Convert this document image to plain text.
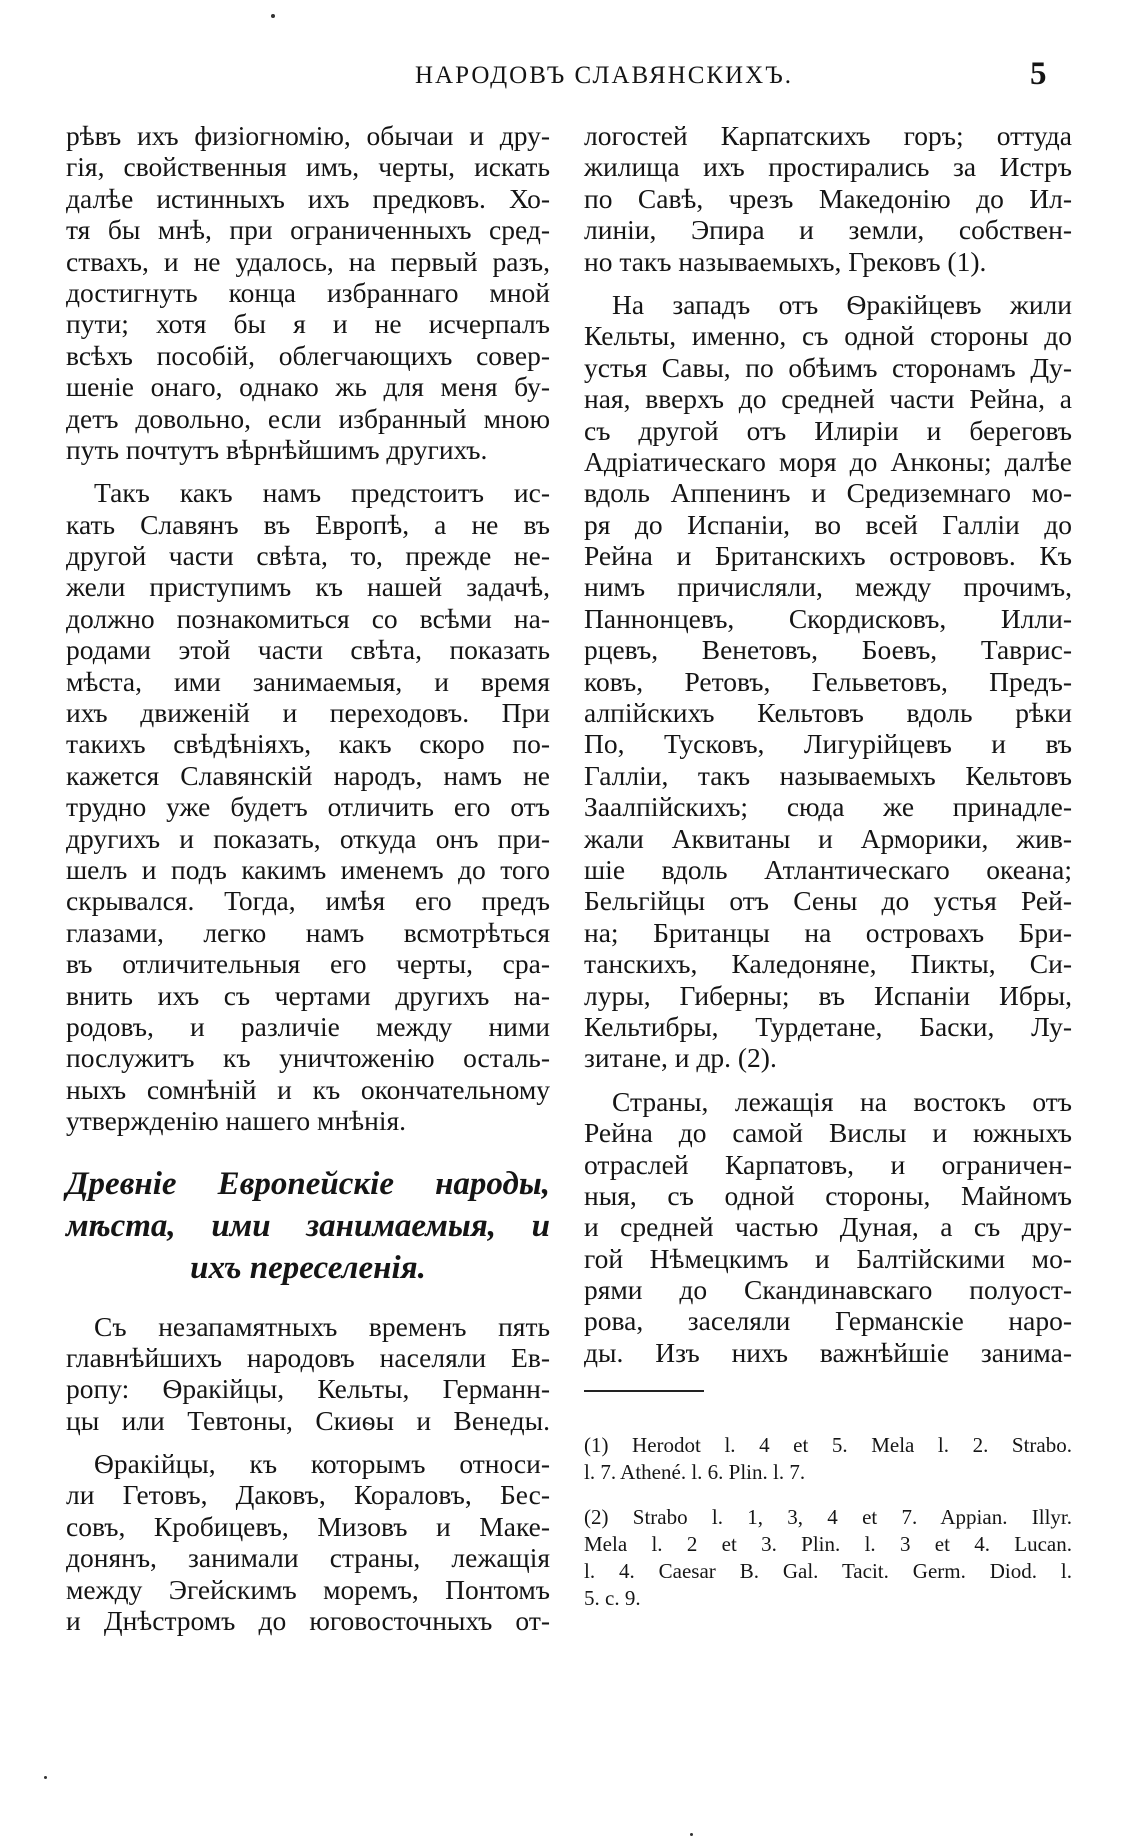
НАРОДОВЪ СЛАВЯНСКИХЪ.	5
рѣвъ ихъ физіогномію, обычаи и дру-
гія, свойственныя имъ, черты, искать
далѣе истинныхъ ихъ предковъ. Хо-
тя бы мнѣ, при ограниченныхъ сред-
ствахъ, и не удалось, на первый разъ,
достигнуть конца избраннаго мной
пути; хотя бы я и не исчерпалъ
всѣхъ пособій, облегчающихъ совер-
шеніе онаго, однако жь для меня бу-
детъ довольно, если избранный мною
путь почтутъ вѣрнѣйшимъ другихъ.
Такъ какъ намъ предстоитъ ис-
кать Славянъ въ Европѣ, а не въ
другой части свѣта, то, прежде не-
жели приступимъ къ нашей задачѣ,
должно познакомиться со всѣми на-
родами этой части свѣта, показать
мѣста, ими занимаемыя, и время
ихъ движеній и переходовъ. При
такихъ свѣдѣніяхъ, какъ скоро по-
кажется Славянскій народъ, намъ не
трудно уже будетъ отличить его отъ
другихъ и показать, откуда онъ при-
шелъ и подъ какимъ именемъ до того
скрывался. Тогда, имѣя его предъ
глазами, легко намъ всмотрѣться
въ отличительныя его черты, сра-
внить ихъ съ чертами другихъ на-
родовъ, и различіе между ними
послужитъ къ уничтоженію осталь-
ныхъ сомнѣній и къ окончательному
утвержденію нашего мнѣнія.
Древніе Европейскіе народы,
мѣста, ими занимаемыя, и
ихъ переселенія.
Съ незапамятныхъ временъ пять
главнѣйшихъ народовъ населяли Ев-
ропу: Ѳракійцы, Кельты, Германн-
цы или Тевтоны, Скиѳы и Венеды.
Ѳракійцы, къ которымъ относи-
ли Гетовъ, Даковъ, Кораловъ, Бес-
совъ, Кробицевъ, Мизовъ и Маке-
донянъ, занимали страны, лежащія
между Эгейскимъ моремъ, Понтомъ
и Днѣстромъ до юговосточныхъ от-
логостей Карпатскихъ горъ; оттуда
жилища ихъ простирались за Истръ
по Савѣ, чрезъ Македонію до Ил-
линіи, Эпира и земли, собствен-
но такъ называемыхъ, Грековъ (1).
На западъ отъ Ѳракійцевъ жили
Кельты, именно, съ одной стороны до
устья Савы, по обѣимъ сторонамъ Ду-
ная, вверхъ до средней части Рейна, а
съ другой отъ Илиріи и береговъ
Адріатическаго моря до Анконы; далѣе
вдоль Аппенинъ и Средиземнаго мо-
ря до Испаніи, во всей Галліи до
Рейна и Британскихъ острововъ. Къ
нимъ причисляли, между прочимъ,
Паннонцевъ, Скордисковъ, Илли-
рцевъ, Венетовъ, Боевъ, Таврис-
ковъ, Ретовъ, Гельветовъ, Предъ-
алпійскихъ Кельтовъ вдоль рѣки
По, Тусковъ, Лигурійцевъ и въ
Галліи, такъ называемыхъ Кельтовъ
Заалпійскихъ; сюда же принадле-
жали Аквитаны и Арморики, жив-
шіе вдоль Атлантическаго океана;
Бельгійцы отъ Сены до устья Рей-
на; Британцы на островахъ Бри-
танскихъ, Каледоняне, Пикты, Си-
луры, Гиберны; въ Испаніи Ибры,
Кельтибры, Турдетане, Баски, Лу-
зитане, и др. (2).
Страны, лежащія на востокъ отъ
Рейна до самой Вислы и южныхъ
отраслей Карпатовъ, и ограничен-
ныя, съ одной стороны, Майномъ
и средней частью Дуная, а съ дру-
гой Нѣмецкимъ и Балтійскими мо-
рями до Скандинавскаго полуост-
рова, заселяли Германскіе наро-
ды. Изъ нихъ важнѣйшіе занима-
(1) Herodot l. 4 et 5. Mela l. 2. Strabo.
l. 7. Athené. l. 6. Plin. l. 7.
(2) Strabo l. 1, 3, 4 et 7. Appian. Illyr.
Mela l. 2 et 3. Plin. l. 3 et 4. Lucan.
l. 4. Caesar B. Gal. Tacit. Germ. Diod. l.
5. c. 9.
